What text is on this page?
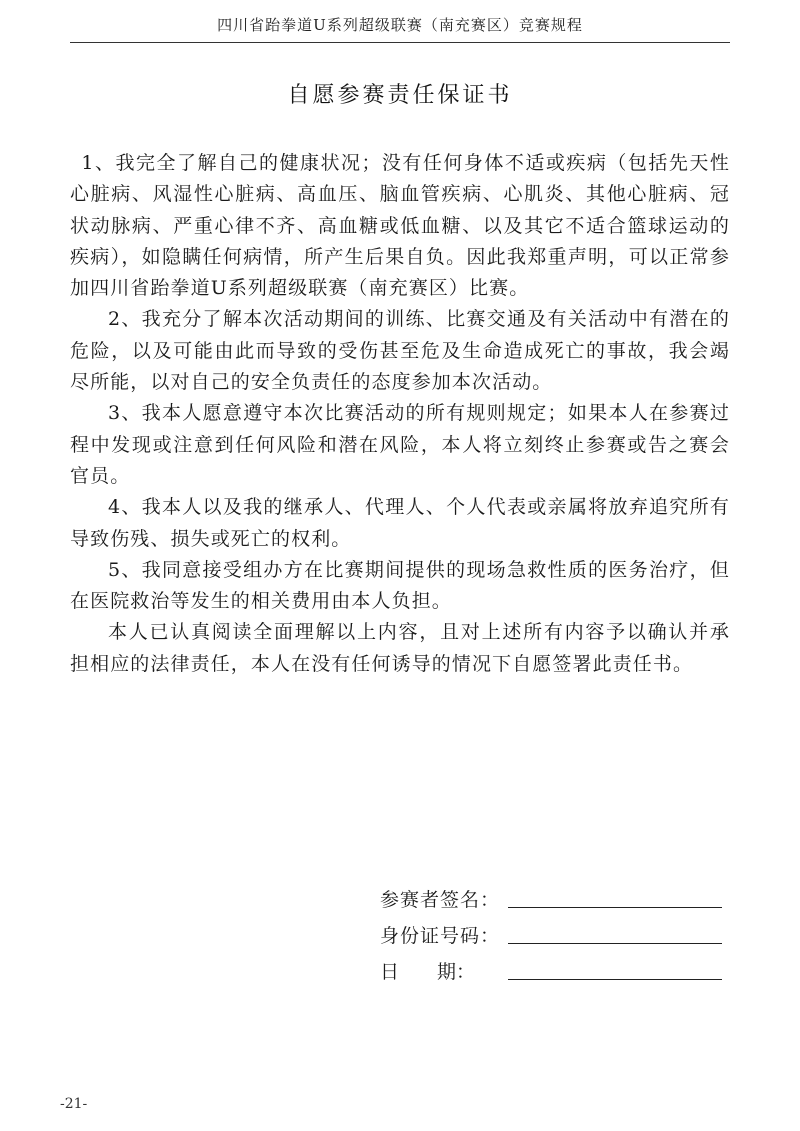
四川省跆拳道U系列超级联赛（南充赛区）竞赛规程
自愿参赛责任保证书

1、我完全了解自己的健康状况；没有任何身体不适或疾病（包括先天性心脏病、风湿性心脏病、高血压、脑血管疾病、心肌炎、其他心脏病、冠状动脉病、严重心律不齐、高血糖或低血糖、以及其它不适合篮球运动的疾病），如隐瞒任何病情，所产生后果自负。因此我郑重声明，可以正常参加四川省跆拳道U系列超级联赛（南充赛区）比赛。

2、我充分了解本次活动期间的训练、比赛交通及有关活动中有潜在的危险，以及可能由此而导致的受伤甚至危及生命造成死亡的事故，我会竭尽所能，以对自己的安全负责任的态度参加本次活动。

3、我本人愿意遵守本次比赛活动的所有规则规定；如果本人在参赛过程中发现或注意到任何风险和潜在风险，本人将立刻终止参赛或告之赛会官员。

4、我本人以及我的继承人、代理人、个人代表或亲属将放弃追究所有导致伤残、损失或死亡的权利。

5、我同意接受组办方在比赛期间提供的现场急救性质的医务治疗，但在医院救治等发生的相关费用由本人负担。

本人已认真阅读全面理解以上内容，且对上述所有内容予以确认并承担相应的法律责任，本人在没有任何诱导的情况下自愿签署此责任书。

参赛者签名：
身份证号码：
日　　期：
-21-
